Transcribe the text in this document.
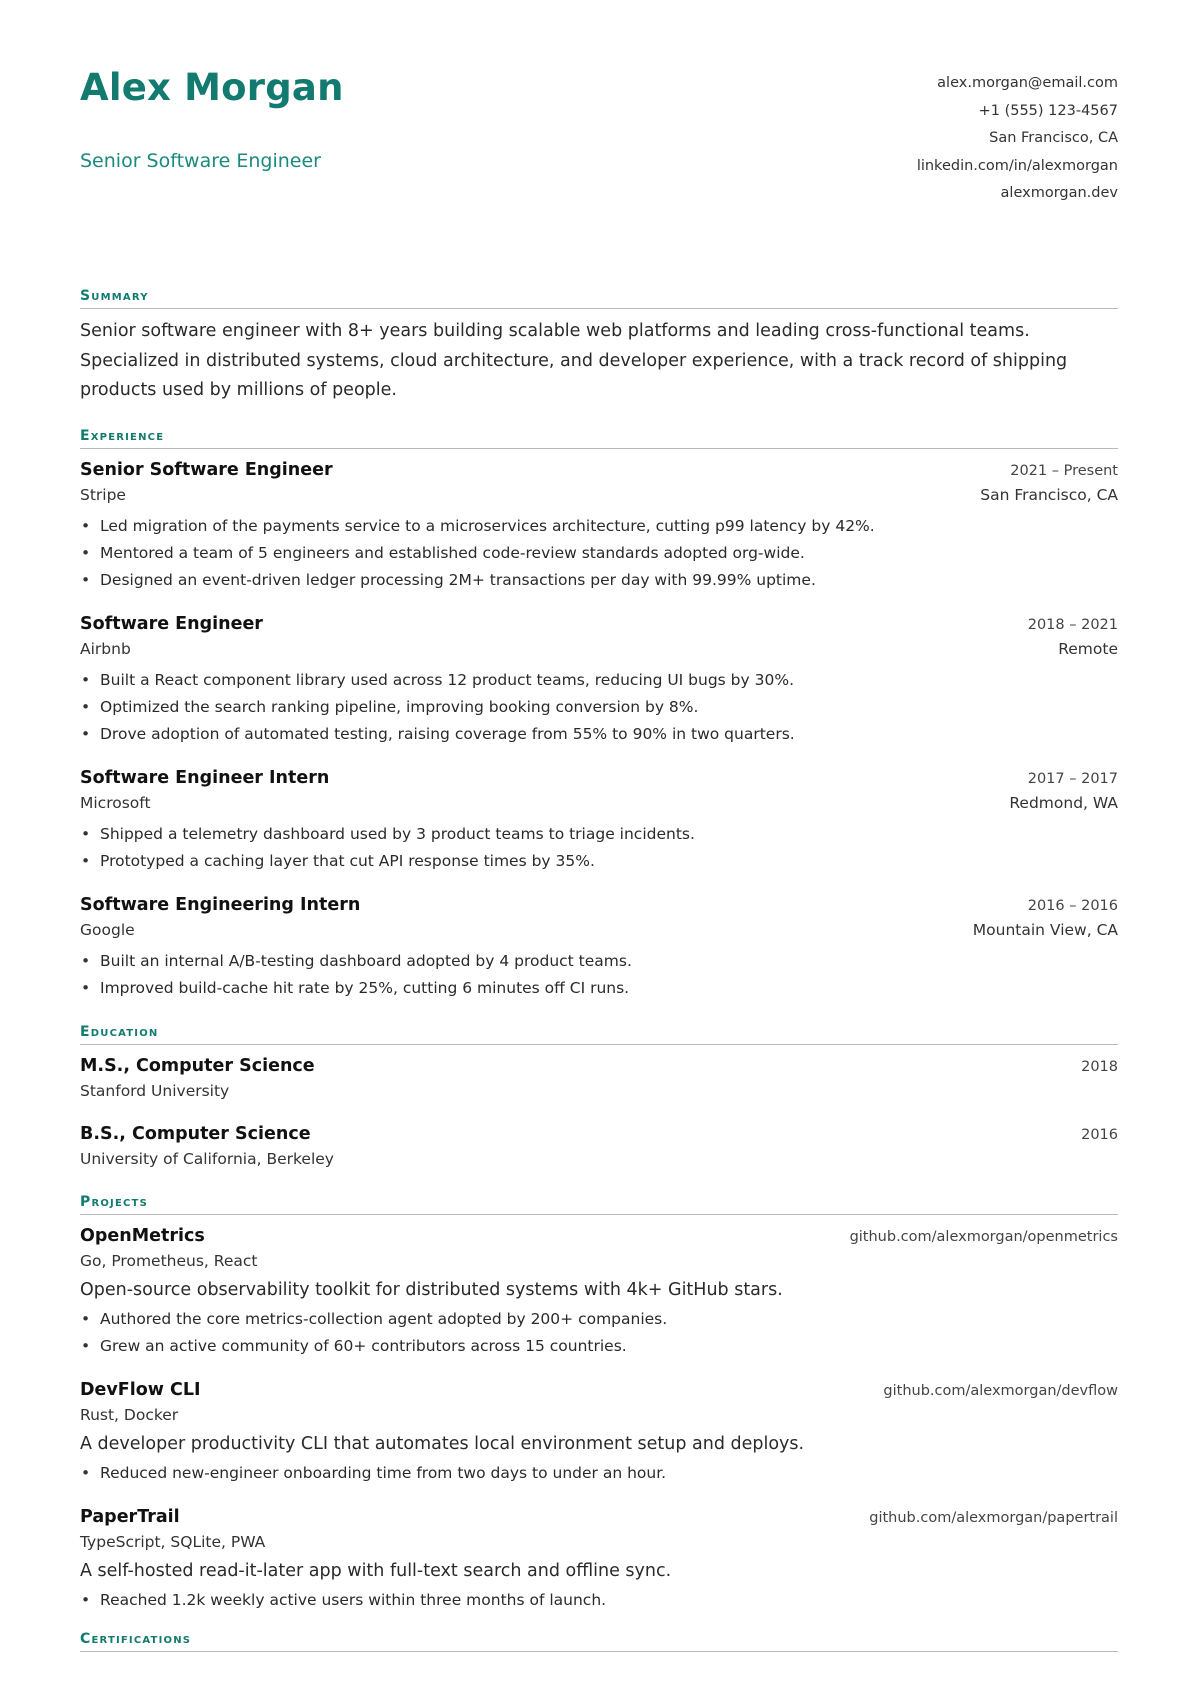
Alex Morgan
Senior Software Engineer
alex.morgan@email.com
+1 (555) 123-4567
San Francisco, CA
linkedin.com/in/alexmorgan
alexmorgan.dev
Summary

Senior software engineer with 8+ years building scalable web platforms and leading cross-functional teams. Specialized in distributed systems, cloud architecture, and developer experience, with a track record of shipping products used by millions of people.

Experience
Senior Software Engineer	2021 – Present
Stripe	San Francisco, CA
• Led migration of the payments service to a microservices architecture, cutting p99 latency by 42%.
• Mentored a team of 5 engineers and established code-review standards adopted org-wide.
• Designed an event-driven ledger processing 2M+ transactions per day with 99.99% uptime.
Software Engineer	2018 – 2021
Airbnb	Remote
• Built a React component library used across 12 product teams, reducing UI bugs by 30%.
• Optimized the search ranking pipeline, improving booking conversion by 8%.
• Drove adoption of automated testing, raising coverage from 55% to 90% in two quarters.
Software Engineer Intern	2017 – 2017
Microsoft	Redmond, WA
• Shipped a telemetry dashboard used by 3 product teams to triage incidents.
• Prototyped a caching layer that cut API response times by 35%.
Software Engineering Intern	2016 – 2016
Google	Mountain View, CA
• Built an internal A/B-testing dashboard adopted by 4 product teams.
• Improved build-cache hit rate by 25%, cutting 6 minutes off CI runs.
Education
M.S., Computer Science	2018
Stanford University
B.S., Computer Science	2016
University of California, Berkeley
Projects
OpenMetrics	github.com/alexmorgan/openmetrics
Go, Prometheus, React
Open-source observability toolkit for distributed systems with 4k+ GitHub stars.
• Authored the core metrics-collection agent adopted by 200+ companies.
• Grew an active community of 60+ contributors across 15 countries.
DevFlow CLI	github.com/alexmorgan/devflow
Rust, Docker
A developer productivity CLI that automates local environment setup and deploys.
• Reduced new-engineer onboarding time from two days to under an hour.
PaperTrail	github.com/alexmorgan/papertrail
TypeScript, SQLite, PWA
A self-hosted read-it-later app with full-text search and offline sync.
• Reached 1.2k weekly active users within three months of launch.
Certifications
